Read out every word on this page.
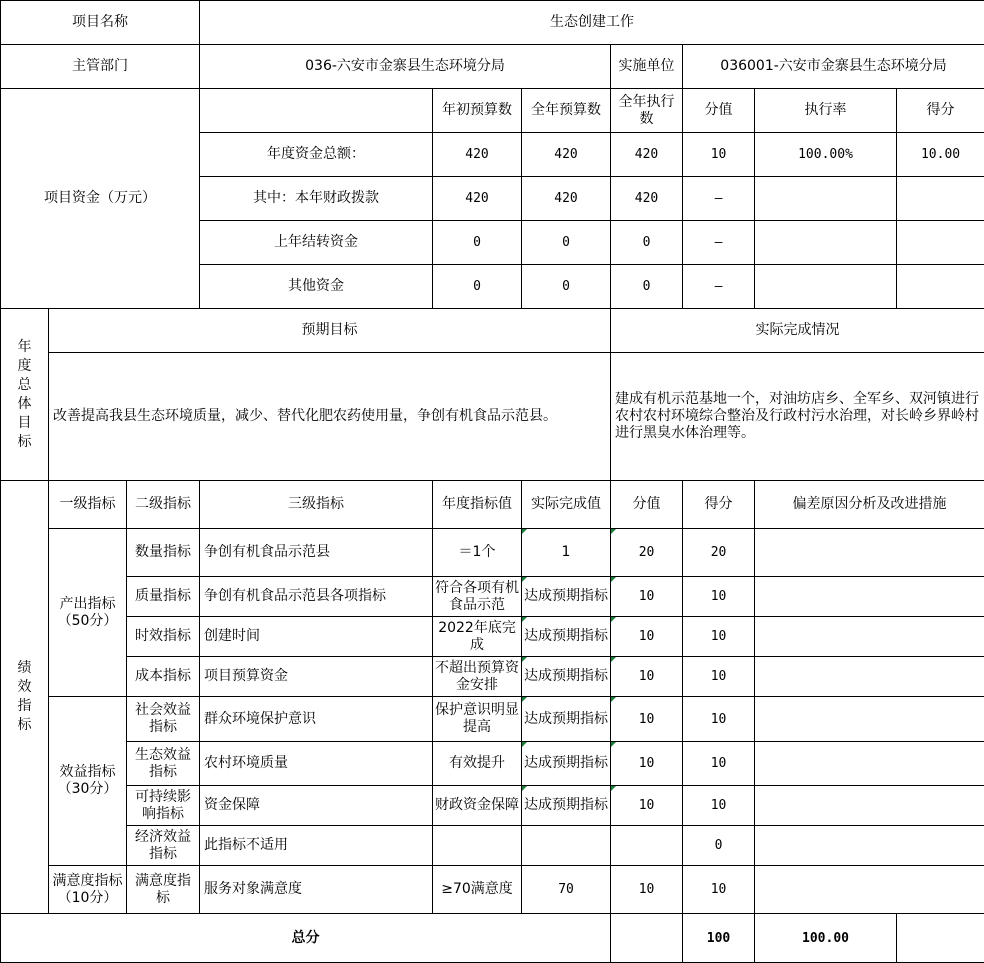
项目名称			生态创建工作						
主管部门			036-六安市金寨县生态环境分局			实施单位	036001-六安市金寨县生态环境分局		
项目资金（万元）				年初预算数	全年预算数	全年执行数	分值	执行率	得分
			年度资金总额：	420	420	420	10	100.00%	10.00
			其中：本年财政拨款	420	420	420	–		
			上年结转资金	0	0	0	–		
			其他资金	0	0	0	–		
年度总体目标	预期目标					实际完成情况			
	改善提高我县生态环境质量，减少、替代化肥农药使用量，争创有机食品示范县。					建成有机示范基地一个，对油坊店乡、全军乡、双河镇进行农村农村环境综合整治及行政村污水治理，对长岭乡界岭村进行黑臭水体治理等。			
绩效指标	一级指标	二级指标	三级指标	年度指标值	实际完成值	分值	得分	偏差原因分析及改进措施	
	产出指标（50分）	数量指标	争创有机食品示范县	＝1个	1	20	20		
		质量指标	争创有机食品示范县各项指标	符合各项有机食品示范	达成预期指标	10	10		
		时效指标	创建时间	2022年底完成	达成预期指标	10	10		
		成本指标	项目预算资金	不超出预算资金安排	达成预期指标	10	10		
	效益指标（30分）	社会效益指标	群众环境保护意识	保护意识明显提高	达成预期指标	10	10		
		生态效益指标	农村环境质量	有效提升	达成预期指标	10	10		
		可持续影响指标	资金保障	财政资金保障	达成预期指标	10	10		
		经济效益指标	此指标不适用				0		
	满意度指标（10分）	满意度指标	服务对象满意度	≥70满意度	70	10	10		
总分							100	100.00	
